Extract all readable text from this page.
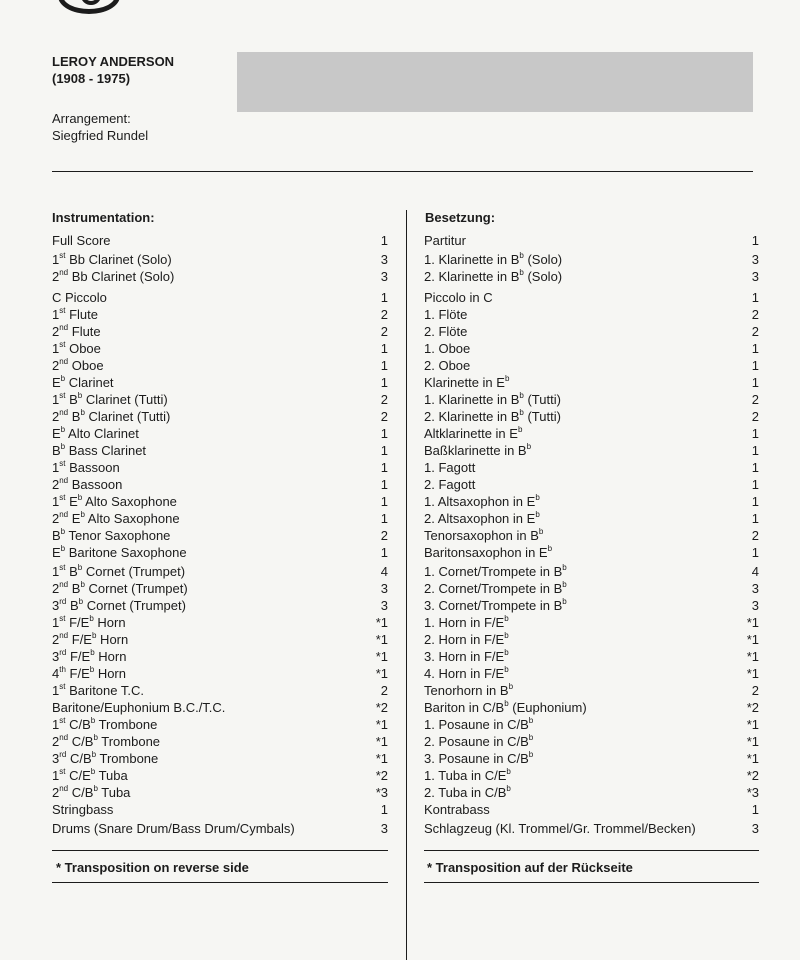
LEROY ANDERSON
(1908 - 1975)
Arrangement:
Siegfried Rundel
Instrumentation:	Besetzung:
Full Score	1
1st Bb Clarinet (Solo)	3
2nd Bb Clarinet (Solo)	3
C Piccolo	1
1st Flute	2
2nd Flute	2
1st Oboe	1
2nd Oboe	1
$E^b$ Clarinet	1
1st $B^b$ Clarinet (Tutti)	2
2nd $B^b$ Clarinet (Tutti)	2
$E^b$ Alto Clarinet	1
$B^b$ Bass Clarinet	1
1st Bassoon	1
2nd Bassoon	1
1st $E^b$ Alto Saxophone	1
2nd $E^b$ Alto Saxophone	1
$B^b$ Tenor Saxophone	2
$E^b$ Baritone Saxophone	1
1st $B^b$ Cornet (Trumpet)	4
2nd $B^b$ Cornet (Trumpet)	3
3rd $B^b$ Cornet (Trumpet)	3
1st $F/E^b$ Horn	*1
2nd $F/E^b$ Horn	*1
3rd $F/E^b$ Horn	*1
4th $F/E^b$ Horn	*1
1st Baritone T.C.	2
Baritone/Euphonium B.C./T.C.	*2
1st $C/B^b$ Trombone	*1
2nd $C/B^b$ Trombone	*1
3rd $C/B^b$ Trombone	*1
1st $C/E^b$ Tuba	*2
2nd $C/B^b$ Tuba	*3
Stringbass	1
Drums (Snare Drum/Bass Drum/Cymbals)	3
Partitur	1
1. Klarinette in $B^b$ (Solo)	3
2. Klarinette in $B^b$ (Solo)	3
Piccolo in C	1
1. Flöte	2
2. Flöte	2
1. Oboe	1
2. Oboe	1
Klarinette in $E^b$	1
1. Klarinette in $B^b$ (Tutti)	2
2. Klarinette in $B^b$ (Tutti)	2
Altklarinette in $E^b$	1
Baßklarinette in $B^b$	1
1. Fagott	1
2. Fagott	1
1. Altsaxophon in $E^b$	1
2. Altsaxophon in $E^b$	1
Tenorsaxophon in $B^b$	2
Baritonsaxophon in $E^b$	1
1. Cornet/Trompete in $B^b$	4
2. Cornet/Trompete in $B^b$	3
3. Cornet/Trompete in $B^b$	3
1. Horn in $F/E^b$	*1
2. Horn in $F/E^b$	*1
3. Horn in $F/E^b$	*1
4. Horn in $F/E^b$	*1
Tenorhorn in $B^b$	2
Bariton in $C/B^b$ (Euphonium)	*2
1. Posaune in $C/B^b$	*1
2. Posaune in $C/B^b$	*1
3. Posaune in $C/B^b$	*1
1. Tuba in $C/E^b$	*2
2. Tuba in $C/B^b$	*3
Kontrabass	1
Schlagzeug (Kl. Trommel/Gr. Trommel/Becken)	3
* Transposition on reverse side	* Transposition auf der Rückseite
